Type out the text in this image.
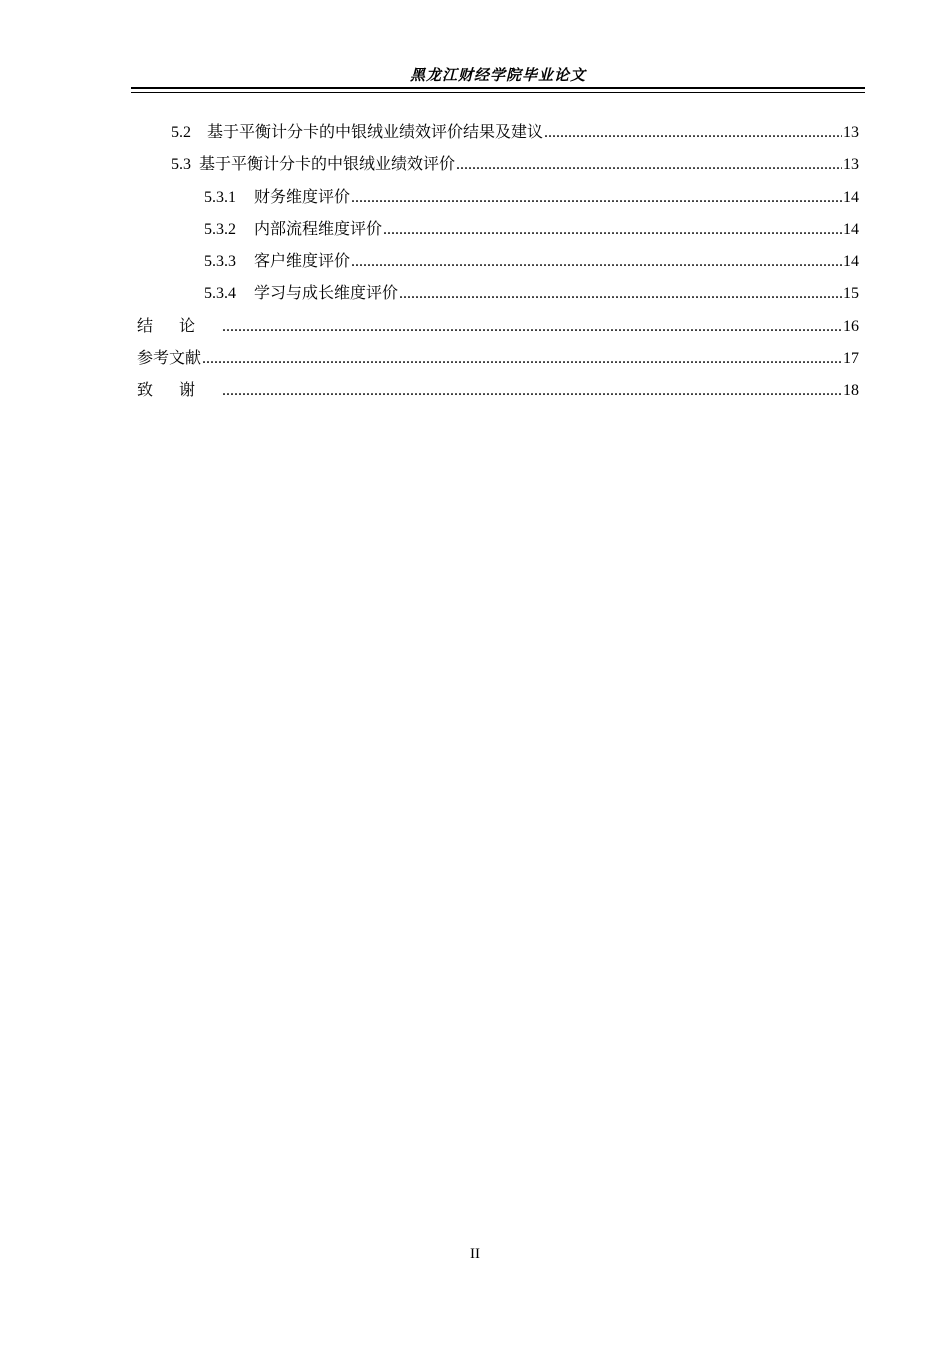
黑龙江财经学院毕业论文
5.2 基于平衡计分卡的中银绒业绩效评价结果及建议 .....	13
5.3 基于平衡计分卡的中银绒业绩效评价 .....	13
5.3.1 财务维度评价 .....	14
5.3.2 内部流程维度评价 .....	14
5.3.3 客户维度评价 .....	14
5.3.4 学习与成长维度评价 .....	15
结论 .....	16
参考文献 .....	17
致谢 .....	18
II
